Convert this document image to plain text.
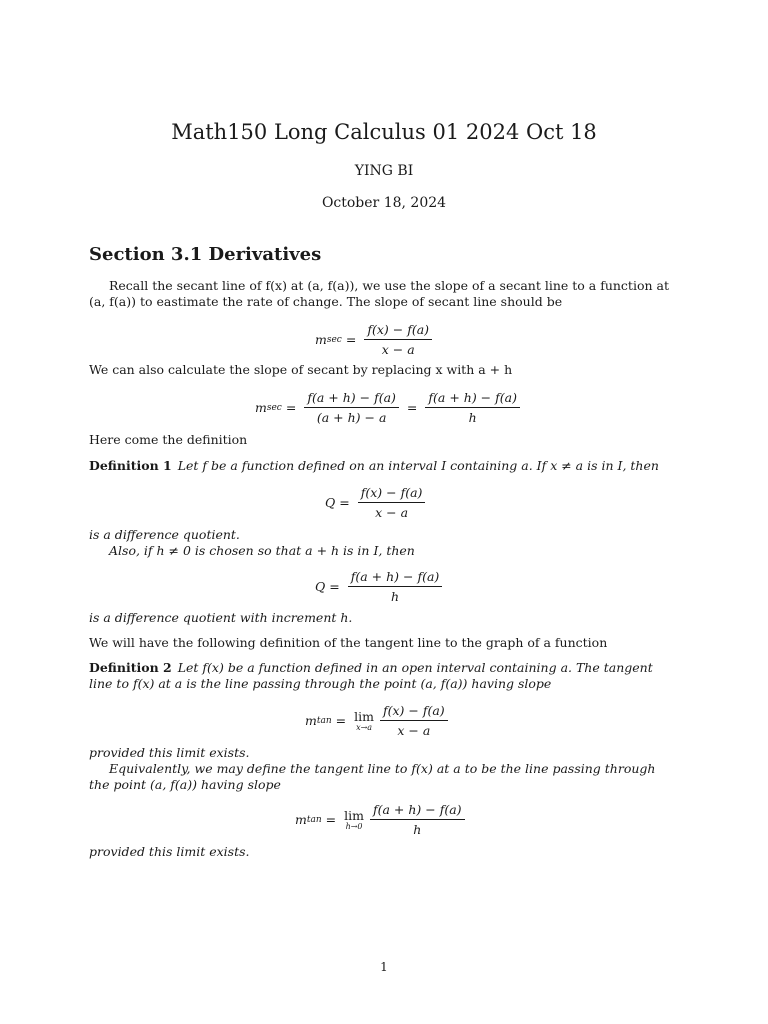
Math150 Long Calculus 01 2024 Oct 18
YING BI
October 18, 2024
Section 3.1 Derivatives
Recall the secant line of f(x) at (a, f(a)), we use the slope of a secant line to a function at (a, f(a)) to eastimate the rate of change. The slope of secant line should be
m $\sec = \frac{f(x) - f(a)}{x - a}$
We can also calculate the slope of secant by replacing x with a + h
m $\sec = \frac{f(a + h) - f(a)}{(a + h) - a} = \frac{f(a + h) - f(a)}{h}$
Here come the definition
Definition 1 Let f be a function defined on an interval I containing a. If x ≠ a is in I, then
$Q = \frac{f(x) - f(a)}{x - a}$
is a difference quotient.
Also, if h ≠ 0 is chosen so that a + h is in I, then
$Q = \frac{f(a + h) - f(a)}{h}$
is a difference quotient with increment h.
We will have the following definition of the tangent line to the graph of a function
Definition 2 Let f(x) be a function defined in an open interval containing a. The tangent line to f(x) at a is the line passing through the point (a, f(a)) having slope
m tan = lim
$x\to a \frac{f(x) - f(a)}{x - a}$
provided this limit exists.
Equivalently, we may define the tangent line to f(x) at a to be the line passing through the point (a, f(a)) having slope
m tan = lim
$h\to 0 \frac{f(a + h) - f(a)}{h}$
provided this limit exists.
1
